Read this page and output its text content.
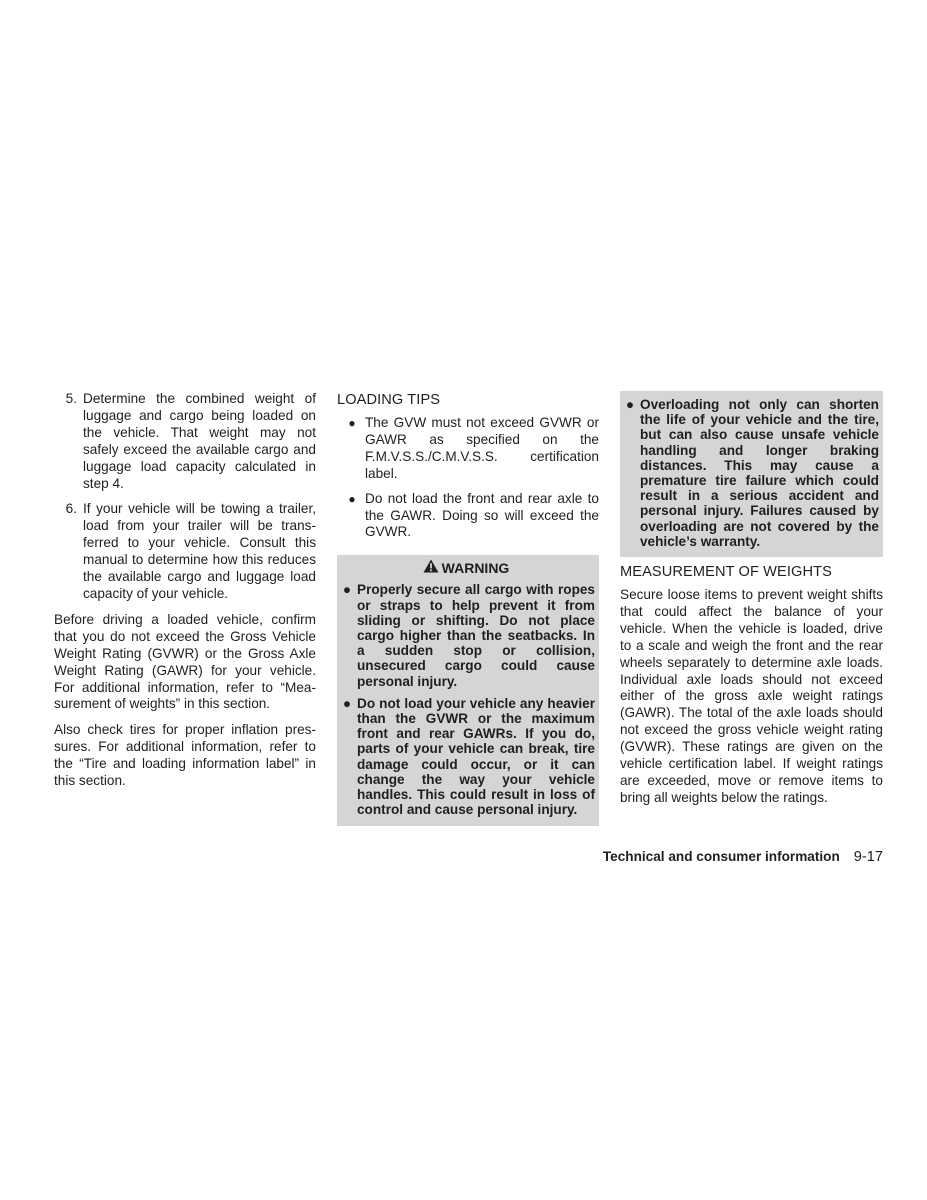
5. Determine the combined weight of luggage and cargo being loaded on the vehicle. That weight may not safely exceed the available cargo and luggage load capacity calculated in step 4.
6. If your vehicle will be towing a trailer, load from your trailer will be transferred to your vehicle. Consult this manual to determine how this reduces the available cargo and luggage load capacity of your vehicle.

Before driving a loaded vehicle, confirm that you do not exceed the Gross Vehicle Weight Rating (GVWR) or the Gross Axle Weight Rating (GAWR) for your vehicle. For additional information, refer to “Measurement of weights” in this section.

Also check tires for proper inflation pressures. For additional information, refer to the “Tire and loading information label” in this section.

LOADING TIPS
● The GVW must not exceed GVWR or GAWR as specified on the F.M.V.S.S./C.M.V.S.S. certification label.
● Do not load the front and rear axle to the GAWR. Doing so will exceed the GVWR.
WARNING
● Properly secure all cargo with ropes or straps to help prevent it from sliding or shifting. Do not place cargo higher than the seatbacks. In a sudden stop or collision, unsecured cargo could cause personal injury.
● Do not load your vehicle any heavier than the GVWR or the maximum front and rear GAWRs. If you do, parts of your vehicle can break, tire damage could occur, or it can change the way your vehicle handles. This could result in loss of control and cause personal injury.
● Overloading not only can shorten the life of your vehicle and the tire, but can also cause unsafe vehicle handling and longer braking distances. This may cause a premature tire failure which could result in a serious accident and personal injury. Failures caused by overloading are not covered by the vehicle’s warranty.
MEASUREMENT OF WEIGHTS

Secure loose items to prevent weight shifts that could affect the balance of your vehicle. When the vehicle is loaded, drive to a scale and weigh the front and the rear wheels separately to determine axle loads. Individual axle loads should not exceed either of the gross axle weight ratings (GAWR). The total of the axle loads should not exceed the gross vehicle weight rating (GVWR). These ratings are given on the vehicle certification label. If weight ratings are exceeded, move or remove items to bring all weights below the ratings.

Technical and consumer information 9-17
